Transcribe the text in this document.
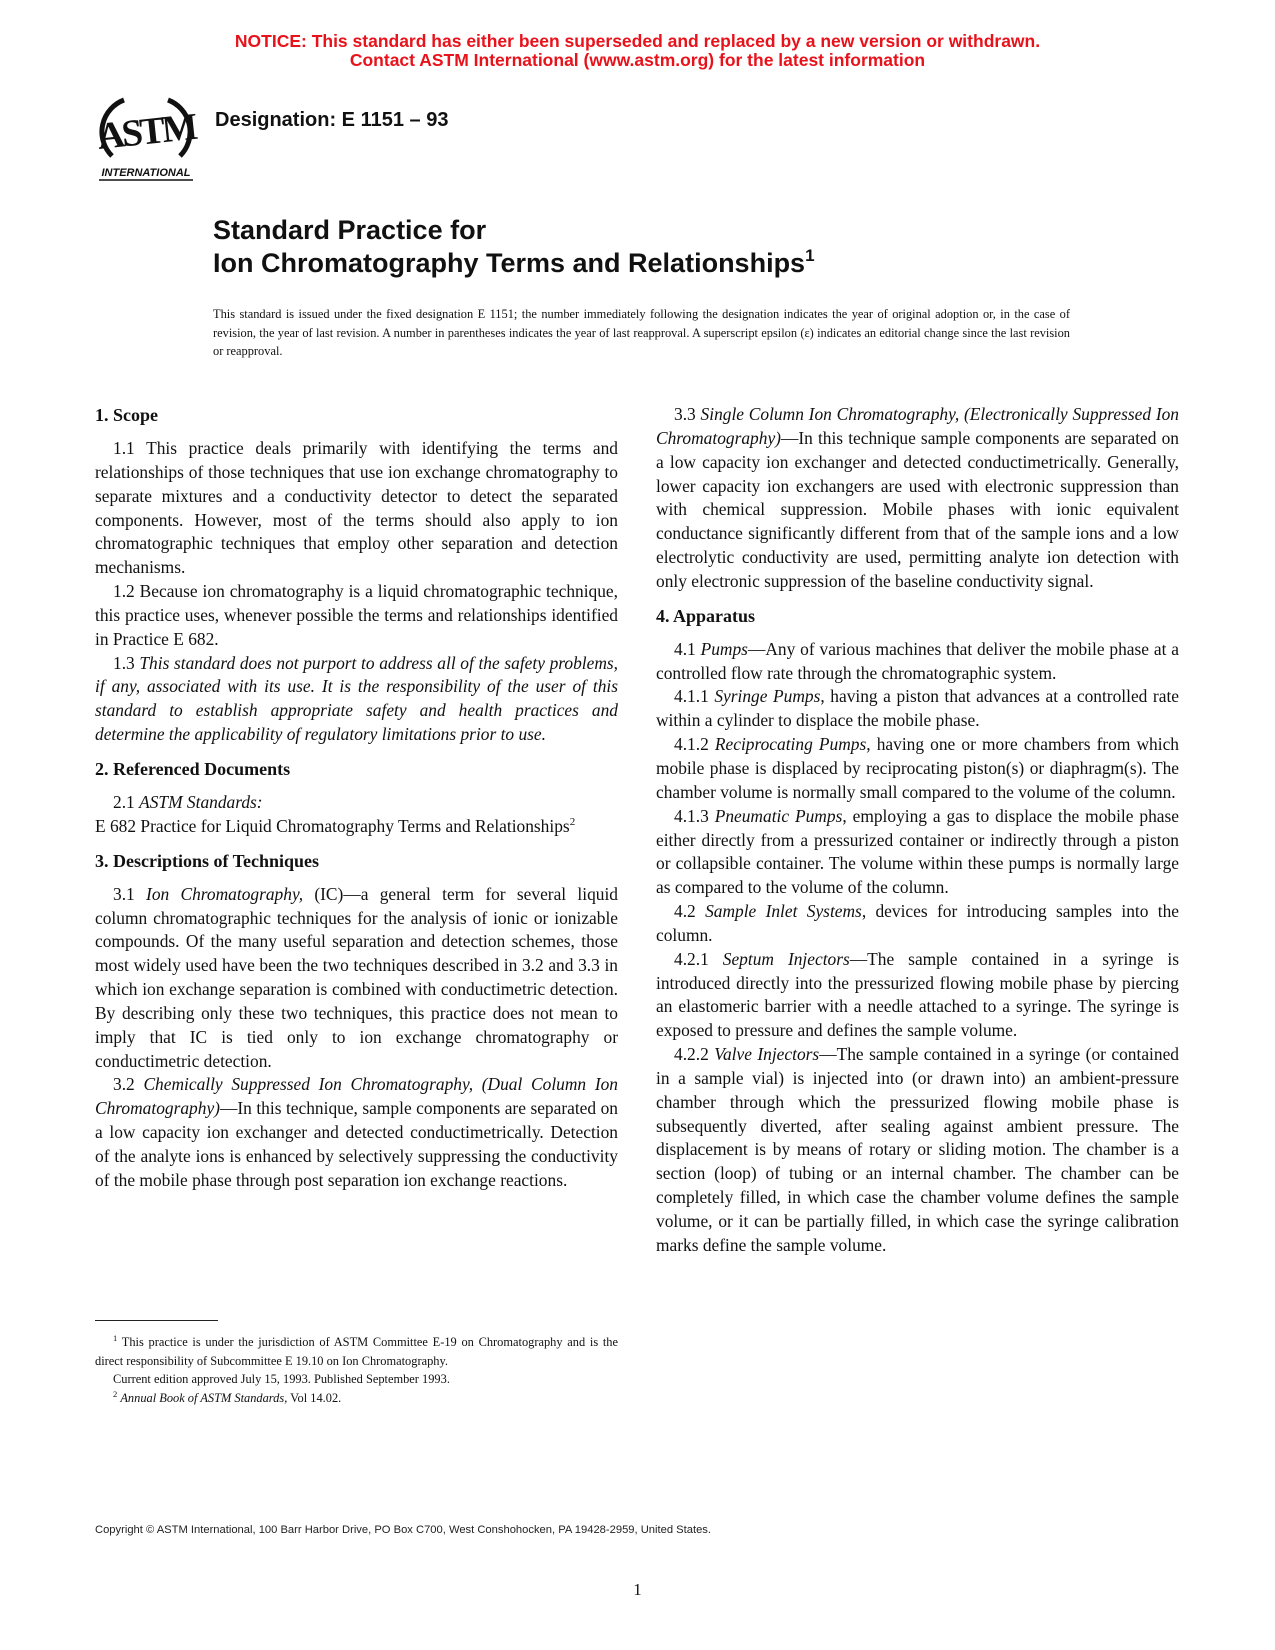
NOTICE: This standard has either been superseded and replaced by a new version or withdrawn.
Contact ASTM International (www.astm.org) for the latest information
ASTM
INTERNATIONAL
Designation: E 1151 – 93
Standard Practice for
Ion Chromatography Terms and Relationships$^1$
This standard is issued under the fixed designation E 1151; the number immediately following the designation indicates the year of original adoption or, in the case of revision, the year of last revision. A number in parentheses indicates the year of last reapproval. A superscript epsilon (ε) indicates an editorial change since the last revision or reapproval.
1. Scope

1.1 This practice deals primarily with identifying the terms and relationships of those techniques that use ion exchange chromatography to separate mixtures and a conductivity detector to detect the separated components. However, most of the terms should also apply to ion chromatographic techniques that employ other separation and detection mechanisms.

1.2 Because ion chromatography is a liquid chromatographic technique, this practice uses, whenever possible the terms and relationships identified in Practice E 682.

1.3 This standard does not purport to address all of the safety problems, if any, associated with its use. It is the responsibility of the user of this standard to establish appropriate safety and health practices and determine the applicability of regulatory limitations prior to use.

2. Referenced Documents

2.1 ASTM Standards:

E 682 Practice for Liquid Chromatography Terms and Relationships$^2$

3. Descriptions of Techniques

3.1 Ion Chromatography, (IC)—a general term for several liquid column chromatographic techniques for the analysis of ionic or ionizable compounds. Of the many useful separation and detection schemes, those most widely used have been the two techniques described in 3.2 and 3.3 in which ion exchange separation is combined with conductimetric detection. By describing only these two techniques, this practice does not mean to imply that IC is tied only to ion exchange chromatography or conductimetric detection.

3.2 Chemically Suppressed Ion Chromatography, (Dual Column Ion Chromatography)—In this technique, sample components are separated on a low capacity ion exchanger and detected conductimetrically. Detection of the analyte ions is enhanced by selectively suppressing the conductivity of the mobile phase through post separation ion exchange reactions.

3.3 Single Column Ion Chromatography, (Electronically Suppressed Ion Chromatography)—In this technique sample components are separated on a low capacity ion exchanger and detected conductimetrically. Generally, lower capacity ion exchangers are used with electronic suppression than with chemical suppression. Mobile phases with ionic equivalent conductance significantly different from that of the sample ions and a low electrolytic conductivity are used, permitting analyte ion detection with only electronic suppression of the baseline conductivity signal.

4. Apparatus

4.1 Pumps—Any of various machines that deliver the mobile phase at a controlled flow rate through the chromatographic system.

4.1.1 Syringe Pumps, having a piston that advances at a controlled rate within a cylinder to displace the mobile phase.

4.1.2 Reciprocating Pumps, having one or more chambers from which mobile phase is displaced by reciprocating piston(s) or diaphragm(s). The chamber volume is normally small compared to the volume of the column.

4.1.3 Pneumatic Pumps, employing a gas to displace the mobile phase either directly from a pressurized container or indirectly through a piston or collapsible container. The volume within these pumps is normally large as compared to the volume of the column.

4.2 Sample Inlet Systems, devices for introducing samples into the column.

4.2.1 Septum Injectors—The sample contained in a syringe is introduced directly into the pressurized flowing mobile phase by piercing an elastomeric barrier with a needle attached to a syringe. The syringe is exposed to pressure and defines the sample volume.

4.2.2 Valve Injectors—The sample contained in a syringe (or contained in a sample vial) is injected into (or drawn into) an ambient-pressure chamber through which the pressurized flowing mobile phase is subsequently diverted, after sealing against ambient pressure. The displacement is by means of rotary or sliding motion. The chamber is a section (loop) of tubing or an internal chamber. The chamber can be completely filled, in which case the chamber volume defines the sample volume, or it can be partially filled, in which case the syringe calibration marks define the sample volume.

$^1$ This practice is under the jurisdiction of ASTM Committee E-19 on Chromatography and is the direct responsibility of Subcommittee E 19.10 on Ion Chromatography.

Current edition approved July 15, 1993. Published September 1993.

$^2$ Annual Book of ASTM Standards, Vol 14.02.

Copyright © ASTM International, 100 Barr Harbor Drive, PO Box C700, West Conshohocken, PA 19428-2959, United States.
1
